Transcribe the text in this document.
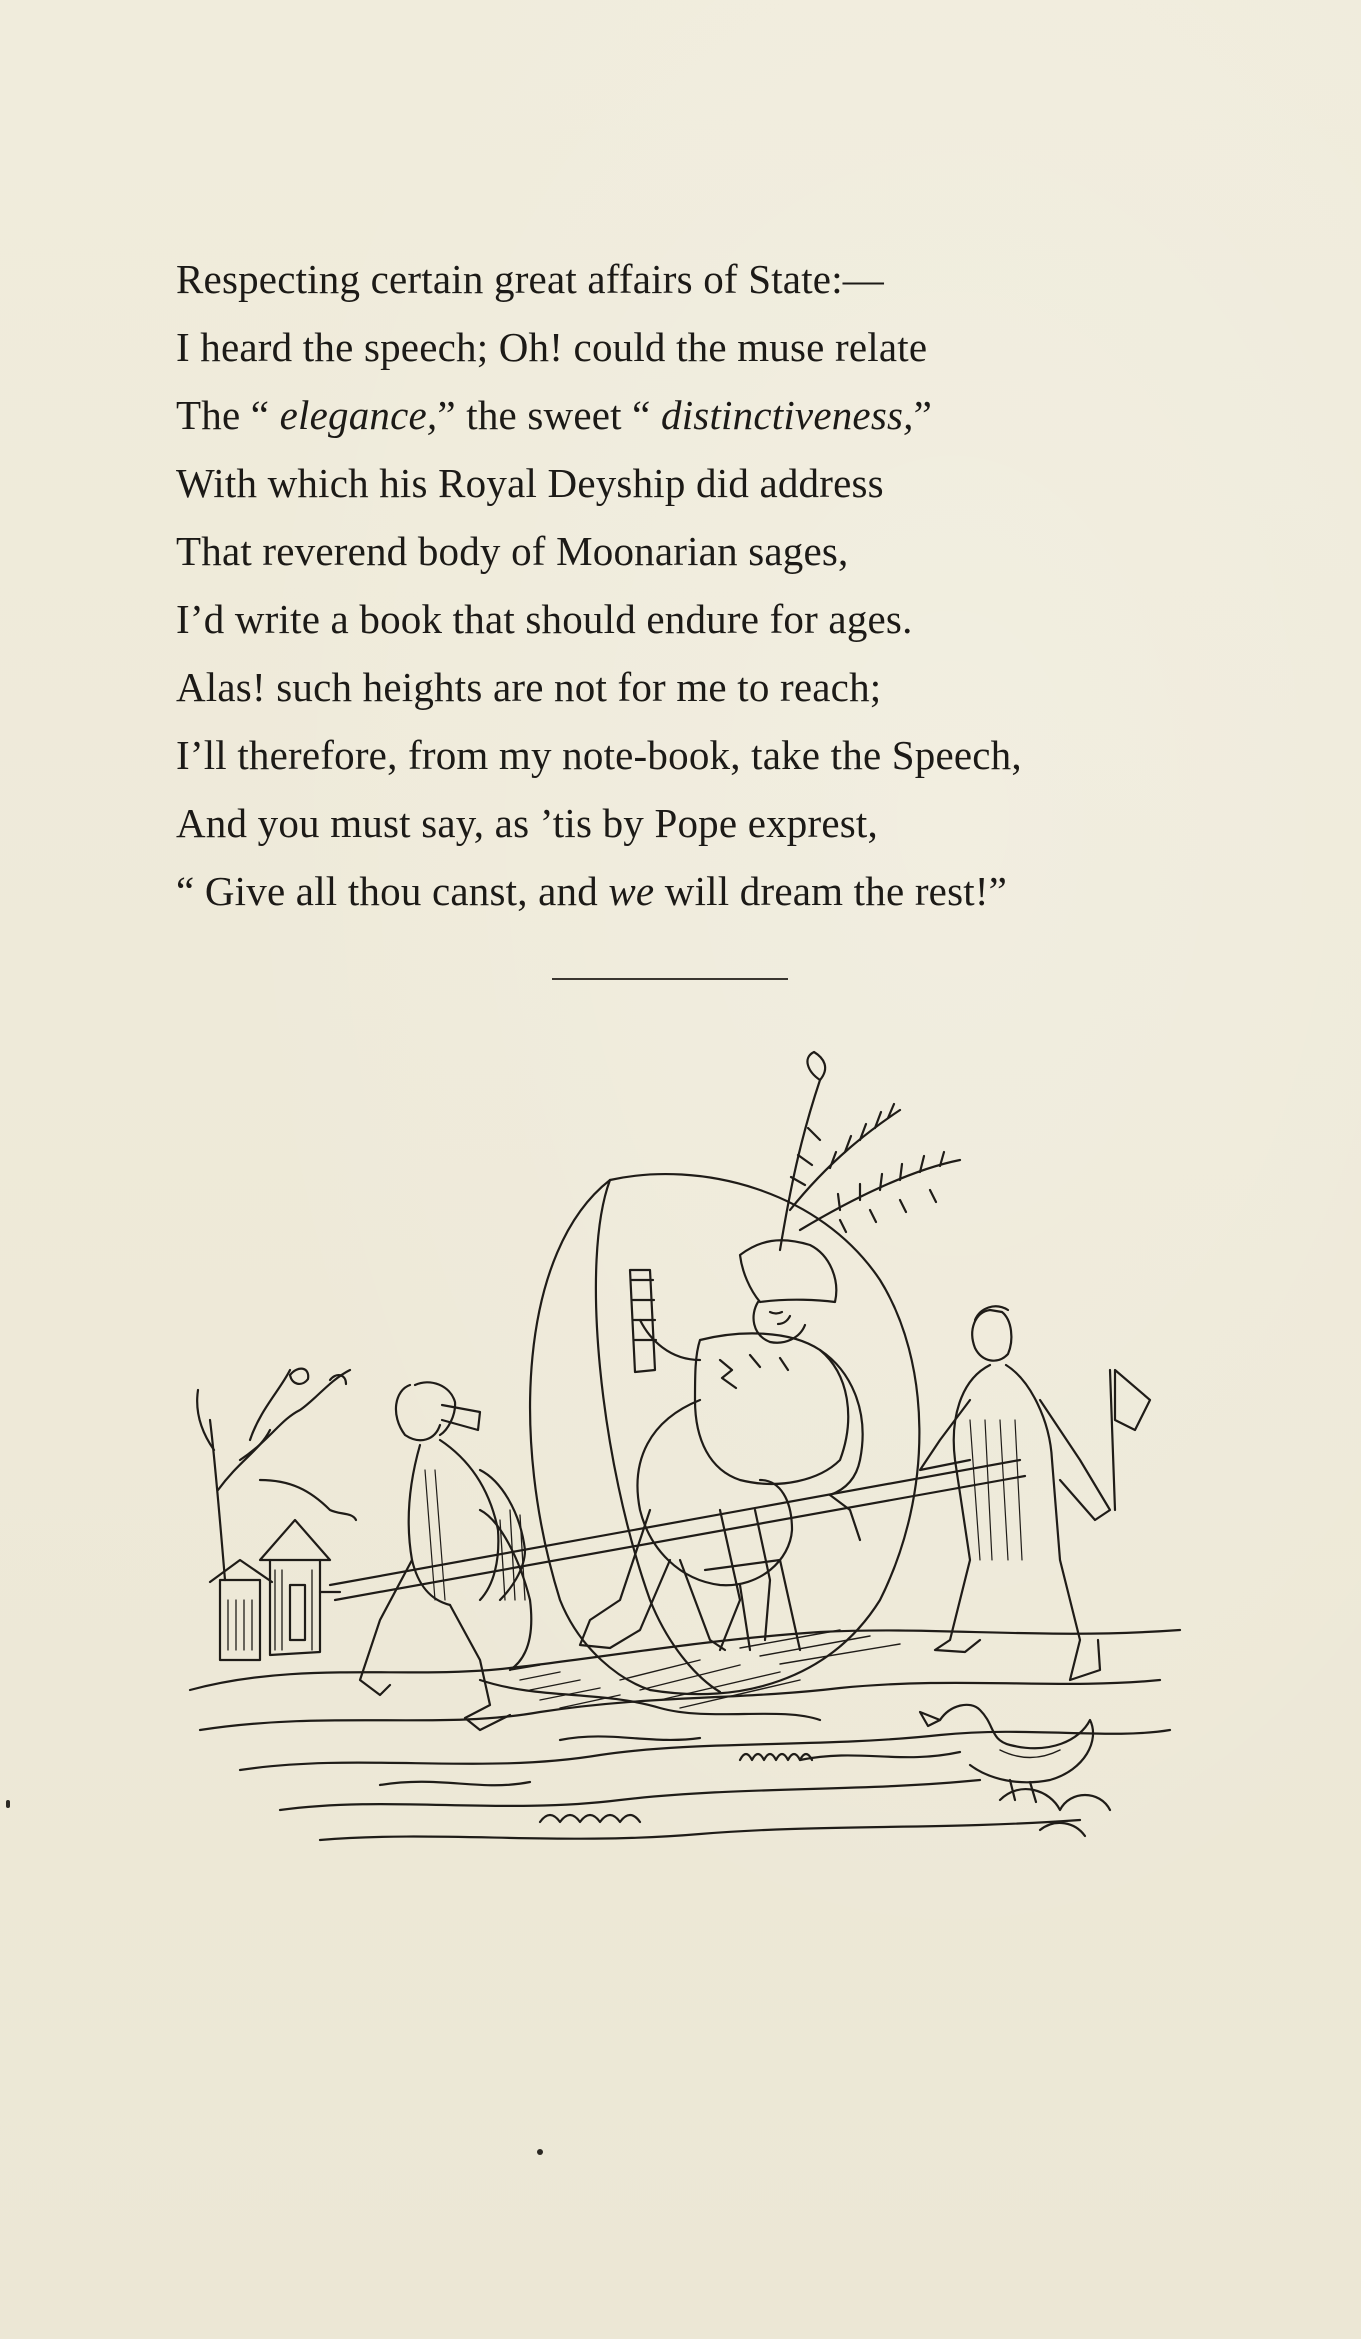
Respecting certain great affairs of State:—
I heard the speech; Oh! could the muse relate
The “ elegance,” the sweet “ distinctiveness,”
With which his Royal Deyship did address
That reverend body of Moonarian sages,
I’d write a book that should endure for ages.
Alas! such heights are not for me to reach;
I’ll therefore, from my note-book, take the Speech,
And you must say, as ’tis by Pope exprest,
“ Give all thou canst, and we will dream the rest!”
